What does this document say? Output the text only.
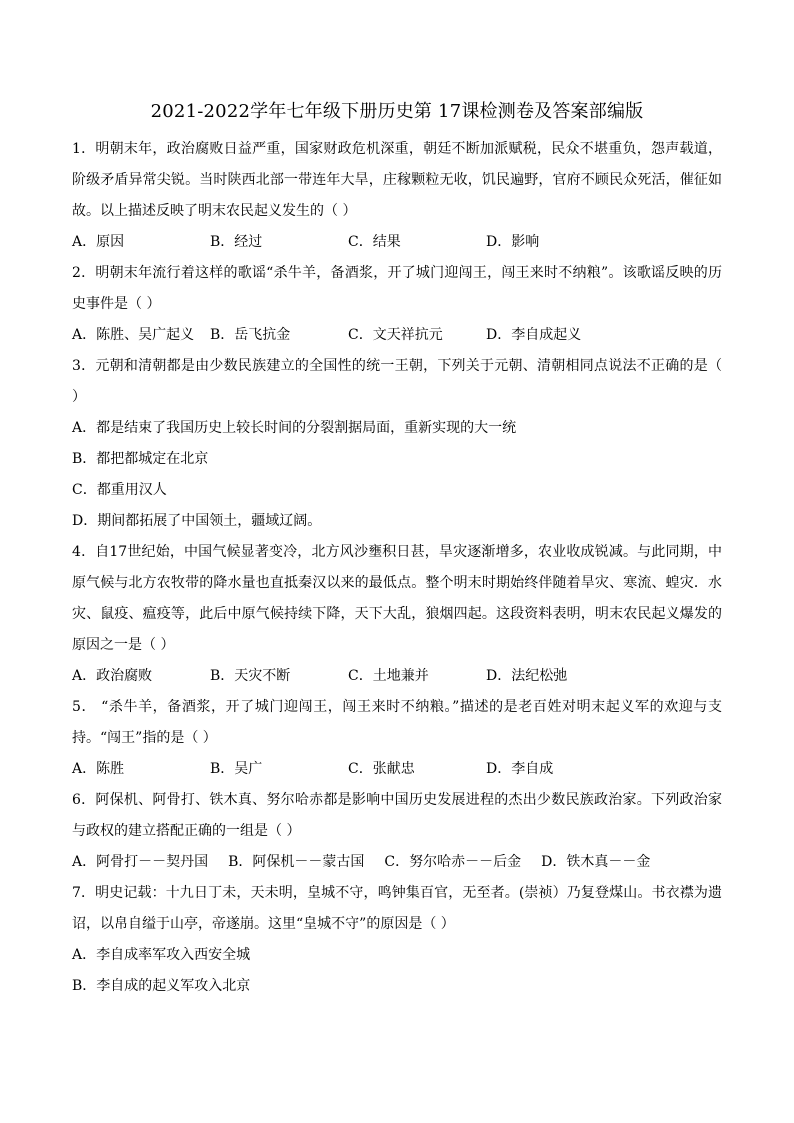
2021-2022学年七年级下册历史第 17课检测卷及答案部编版

1．明朝末年，政治腐败日益严重，国家财政危机深重，朝廷不断加派赋税，民众不堪重负，怨声载道，阶级矛盾异常尖锐。当时陕西北部一带连年大旱，庄稼颗粒无收，饥民遍野，官府不顾民众死活，催征如故。以上描述反映了明末农民起义发生的（ ）

A．原因	B．经过	C．结果	D．影响

2．明朝末年流行着这样的歌谣“杀牛羊，备酒浆，开了城门迎闯王，闯王来时不纳粮”。该歌谣反映的历史事件是（ ）

A．陈胜、吴广起义	B．岳飞抗金	C．文天祥抗元	D．李自成起义

3．元朝和清朝都是由少数民族建立的全国性的统一王朝，下列关于元朝、清朝相同点说法不正确的是（ ）

A．都是结束了我国历史上较长时间的分裂割据局面，重新实现的大一统

B．都把都城定在北京

C．都重用汉人

D．期间都拓展了中国领土，疆域辽阔。

4．自17世纪始，中国气候显著变冷，北方风沙壅积日甚，旱灾逐渐增多，农业收成锐减。与此同期，中原气候与北方农牧带的降水量也直抵秦汉以来的最低点。整个明末时期始终伴随着旱灾、寒流、蝗灾．水灾、鼠疫、瘟疫等，此后中原气候持续下降，天下大乱，狼烟四起。这段资料表明，明末农民起义爆发的原因之一是（ ）

A．政治腐败	B．天灾不断	C．土地兼并	D．法纪松弛

5． “杀牛羊，备酒浆，开了城门迎闯王，闯王来时不纳粮。”描述的是老百姓对明末起义军的欢迎与支持。“闯王”指的是（ ）

A．陈胜	B．吴广	C．张献忠	D．李自成

6．阿保机、阿骨打、铁木真、努尔哈赤都是影响中国历史发展进程的杰出少数民族政治家。下列政治家与政权的建立搭配正确的一组是（ ）

A．阿骨打－－契丹国 B．阿保机－－蒙古国 C．努尔哈赤－－后金 D．铁木真－－金

7．明史记载：十九日丁未，天未明，皇城不守，鸣钟集百官，无至者。(崇祯）乃复登煤山。书衣襟为遗诏，以帛自缢于山亭，帝遂崩。这里“皇城不守”的原因是（ ）

A．李自成率军攻入西安全城

B．李自成的起义军攻入北京
